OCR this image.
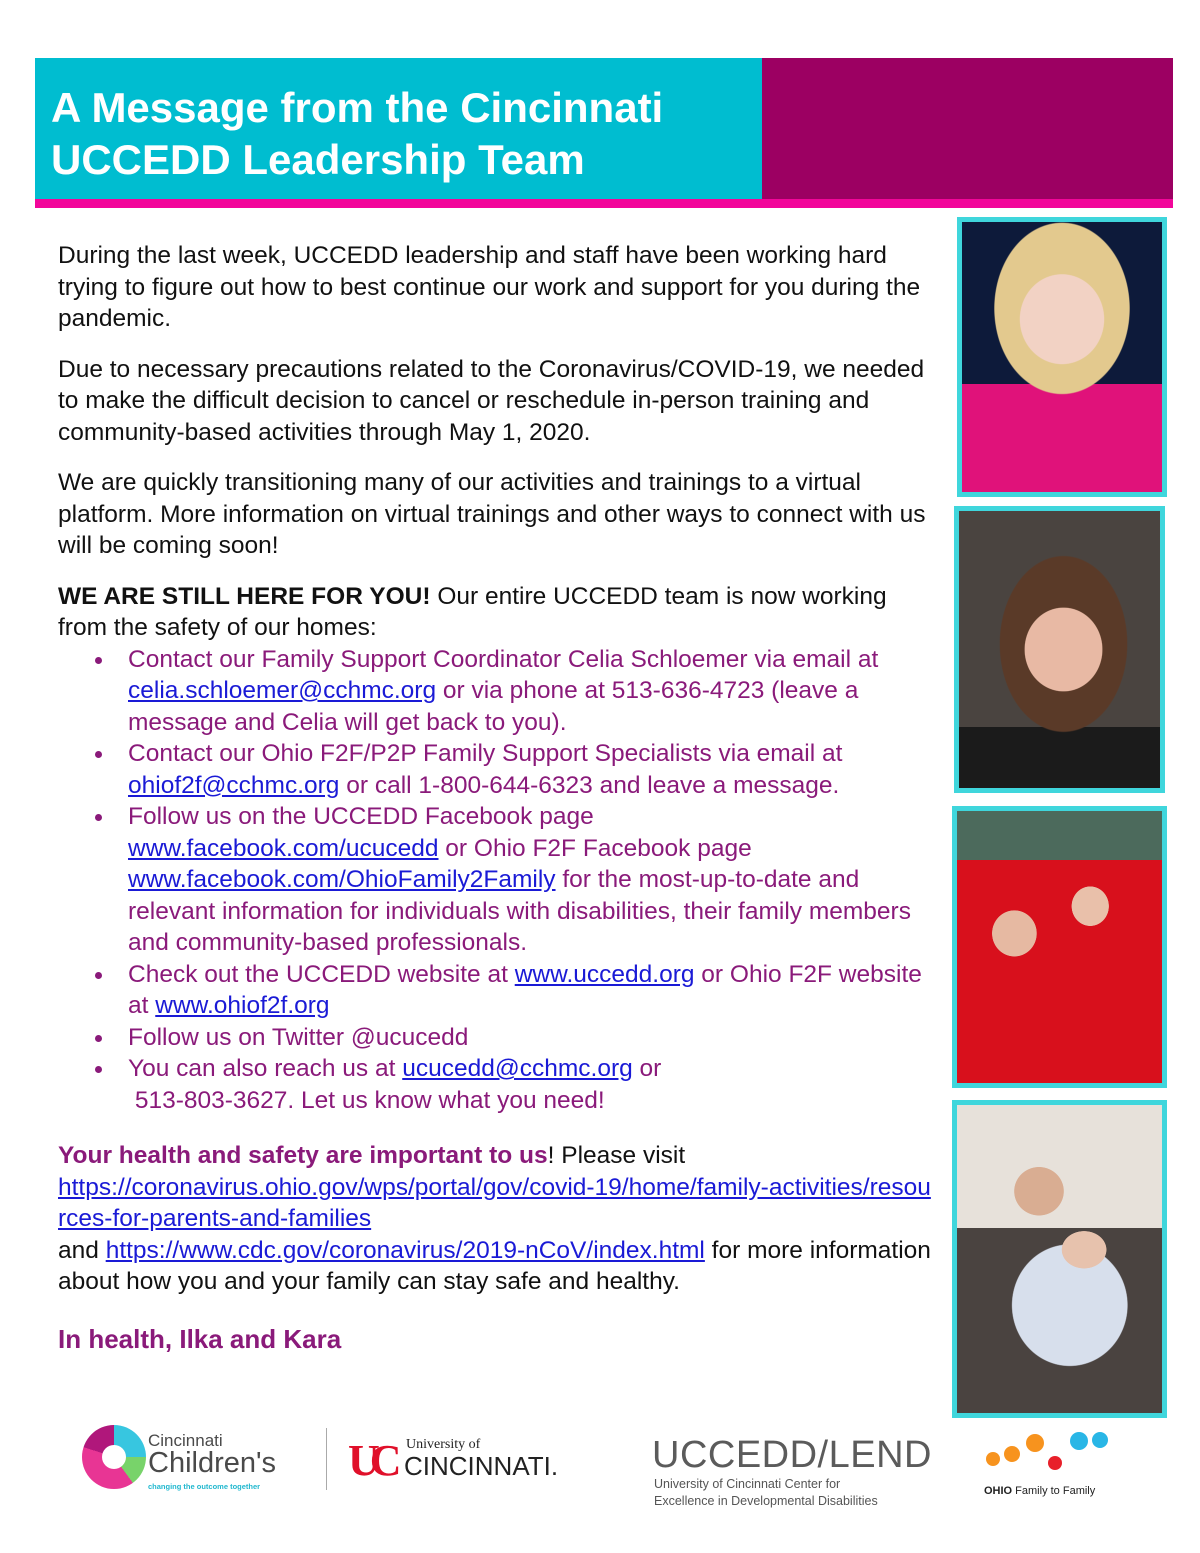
A Message from the Cincinnati
UCCEDD Leadership Team

During the last week, UCCEDD leadership and staff have been working hard trying to figure out how to best continue our work and support for you during the pandemic.

Due to necessary precautions related to the Coronavirus/COVID-19, we needed to make the difficult decision to cancel or reschedule in-person training and community-based activities through May 1, 2020.

We are quickly transitioning many of our activities and trainings to a virtual platform. More information on virtual trainings and other ways to connect with us will be coming soon!

WE ARE STILL HERE FOR YOU! Our entire UCCEDD team is now working from the safety of our homes:

Contact our Family Support Coordinator Celia Schloemer via email at celia.schloemer@cchmc.org or via phone at 513-636-4723 (leave a message and Celia will get back to you).
Contact our Ohio F2F/P2P Family Support Specialists via email at ohiof2f@cchmc.org or call 1-800-644-6323 and leave a message.
Follow us on the UCCEDD Facebook page
www.facebook.com/ucucedd or Ohio F2F Facebook page
www.facebook.com/OhioFamily2Family for the most-up-to-date and relevant information for individuals with disabilities, their family members and community-based professionals.
Check out the UCCEDD website at www.uccedd.org or Ohio F2F website at www.ohiof2f.org
Follow us on Twitter @ucucedd
You can also reach us at ucucedd@cchmc.org or
513-803-3627. Let us know what you need!

Your health and safety are important to us! Please visit
https://coronavirus.ohio.gov/wps/portal/gov/covid-19/home/family-activities/resources-for-parents-and-families
and https://www.cdc.gov/coronavirus/2019-nCoV/index.html for more information about how you and your family can stay safe and healthy.

In health, Ilka and Kara

Cincinnati
Children's
changing the outcome together
UC University of
CINCINNATI. UCCEDD/LEND
University of Cincinnati Center for
Excellence in Developmental Disabilities
OHIO Family to Family
